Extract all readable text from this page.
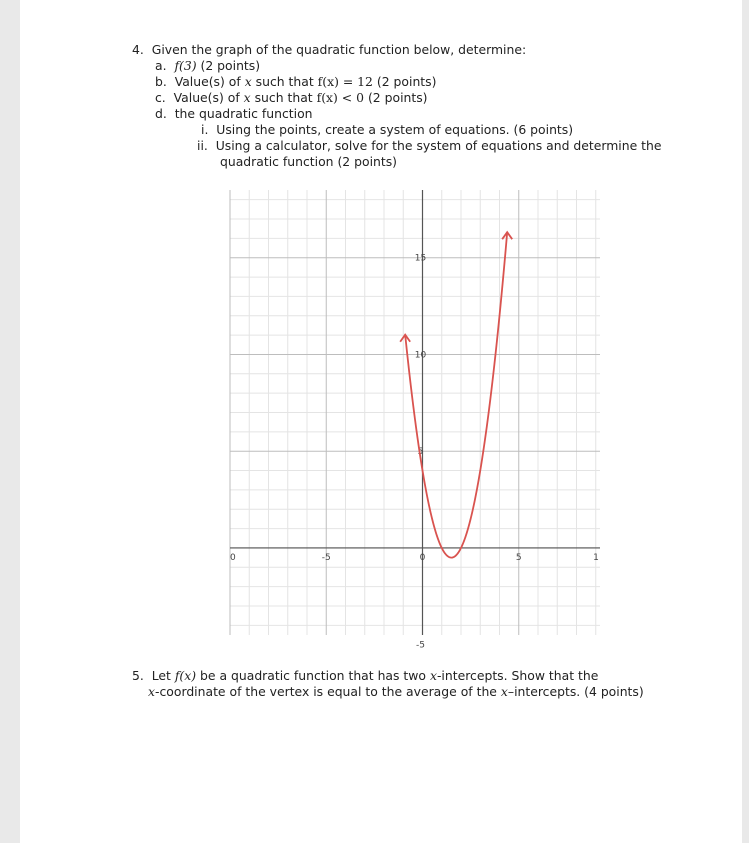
4. Given the graph of the quadratic function below, determine:
a. f(3) (2 points)
b. Value(s) of x such that f(x) = 12 (2 points)
c. Value(s) of x such that f(x) < 0 (2 points)
d. the quadratic function
i. Using the points, create a system of equations. (6 points)
ii. Using a calculator, solve for the system of equations and determine the
quadratic function (2 points)
0	-5	0	5	1
15
10
5
-5
5. Let f(x) be a quadratic function that has two x-intercepts. Show that the
x-coordinate of the vertex is equal to the average of the x–intercepts. (4 points)
